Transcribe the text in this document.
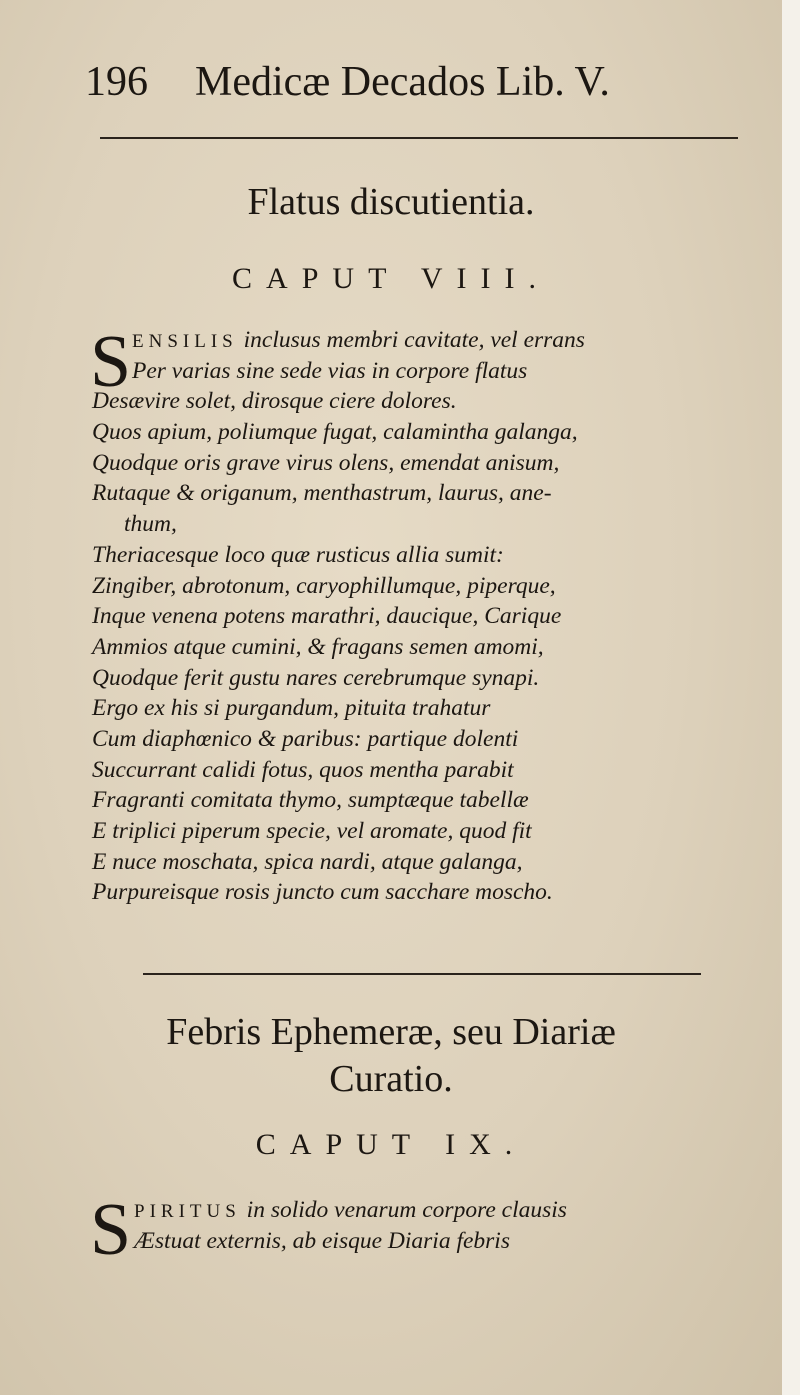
196 Medicæ Decados Lib. V.
Flatus discutientia.
CAPUT VIII.
S ENSILIS inclusus membri cavitate, vel errans
Per varias sine sede vias in corpore flatus
Desævire solet, dirosque ciere dolores.
Quos apium, poliumque fugat, calamintha galanga,
Quodque oris grave virus olens, emendat anisum,
Rutaque & origanum, menthastrum, laurus, ane-
thum,
Theriacesque loco quæ rusticus allia sumit:
Zingiber, abrotonum, caryophillumque, piperque,
Inque venena potens marathri, daucique, Carique
Ammios atque cumini, & fragans semen amomi,
Quodque ferit gustu nares cerebrumque synapi.
Ergo ex his si purgandum, pituita trahatur
Cum diaphœnico & paribus: partique dolenti
Succurrant calidi fotus, quos mentha parabit
Fragranti comitata thymo, sumptæque tabellæ
E triplici piperum specie, vel aromate, quod fit
E nuce moschata, spica nardi, atque galanga,
Purpureisque rosis juncto cum sacchare moscho.
Febris Ephemeræ, seu Diariæ
Curatio.
CAPUT IX.
S PIRITUS in solido venarum corpore clausis
Æstuat externis, ab eisque Diaria febris
